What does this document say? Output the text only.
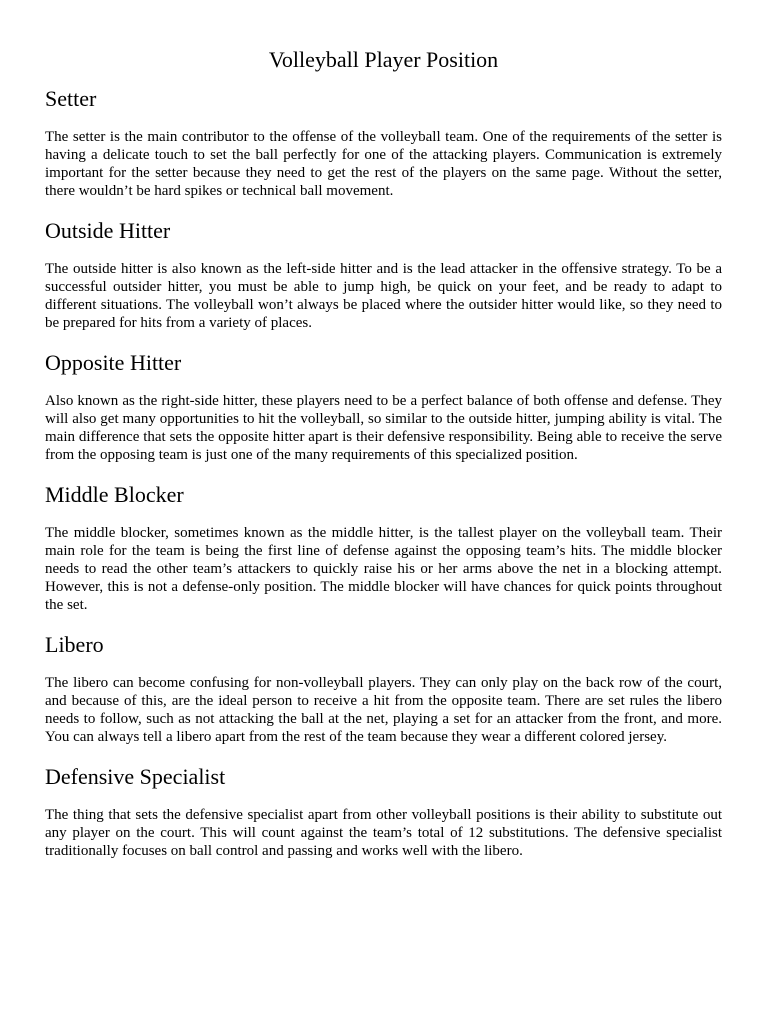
Volleyball Player Position
Setter

The setter is the main contributor to the offense of the volleyball team. One of the requirements of the setter is having a delicate touch to set the ball perfectly for one of the attacking players. Communication is extremely important for the setter because they need to get the rest of the players on the same page. Without the setter, there wouldn’t be hard spikes or technical ball movement.

Outside Hitter

The outside hitter is also known as the left-side hitter and is the lead attacker in the offensive strategy. To be a successful outsider hitter, you must be able to jump high, be quick on your feet, and be ready to adapt to different situations. The volleyball won’t always be placed where the outsider hitter would like, so they need to be prepared for hits from a variety of places.

Opposite Hitter

Also known as the right-side hitter, these players need to be a perfect balance of both offense and defense. They will also get many opportunities to hit the volleyball, so similar to the outside hitter, jumping ability is vital. The main difference that sets the opposite hitter apart is their defensive responsibility. Being able to receive the serve from the opposing team is just one of the many requirements of this specialized position.

Middle Blocker

The middle blocker, sometimes known as the middle hitter, is the tallest player on the volleyball team. Their main role for the team is being the first line of defense against the opposing team’s hits. The middle blocker needs to read the other team’s attackers to quickly raise his or her arms above the net in a blocking attempt. However, this is not a defense-only position. The middle blocker will have chances for quick points throughout the set.

Libero

The libero can become confusing for non-volleyball players. They can only play on the back row of the court, and because of this, are the ideal person to receive a hit from the opposite team. There are set rules the libero needs to follow, such as not attacking the ball at the net, playing a set for an attacker from the front, and more. You can always tell a libero apart from the rest of the team because they wear a different colored jersey.

Defensive Specialist

The thing that sets the defensive specialist apart from other volleyball positions is their ability to substitute out any player on the court. This will count against the team’s total of 12 substitutions. The defensive specialist traditionally focuses on ball control and passing and works well with the libero.
